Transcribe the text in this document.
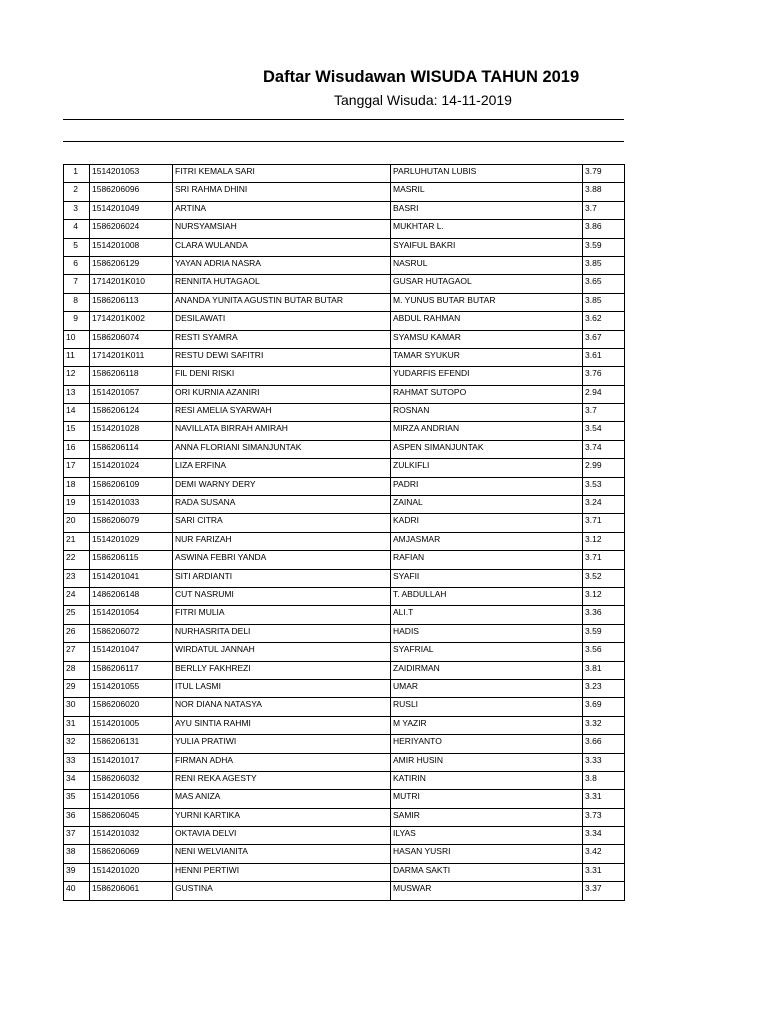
Daftar Wisudawan WISUDA TAHUN 2019
Tanggal Wisuda: 14-11-2019
1	1514201053	FITRI KEMALA SARI	PARLUHUTAN LUBIS	3.79
2	1586206096	SRI RAHMA DHINI	MASRIL	3.88
3	1514201049	ARTINA	BASRI	3.7
4	1586206024	NURSYAMSIAH	MUKHTAR L.	3.86
5	1514201008	CLARA WULANDA	SYAIFUL BAKRI	3.59
6	1586206129	YAYAN ADRIA NASRA	NASRUL	3.85
7	1714201K010	RENNITA HUTAGAOL	GUSAR HUTAGAOL	3.65
8	1586206113	ANANDA YUNITA AGUSTIN BUTAR BUTAR	M. YUNUS BUTAR BUTAR	3.85
9	1714201K002	DESILAWATI	ABDUL RAHMAN	3.62
10	1586206074	RESTI SYAMRA	SYAMSU KAMAR	3.67
11	1714201K011	RESTU DEWI SAFITRI	TAMAR SYUKUR	3.61
12	1586206118	FIL DENI RISKI	YUDARFIS EFENDI	3.76
13	1514201057	ORI KURNIA AZANIRI	RAHMAT SUTOPO	2.94
14	1586206124	RESI AMELIA SYARWAH	ROSNAN	3.7
15	1514201028	NAVILLATA BIRRAH AMIRAH	MIRZA ANDRIAN	3.54
16	1586206114	ANNA FLORIANI SIMANJUNTAK	ASPEN SIMANJUNTAK	3.74
17	1514201024	LIZA ERFINA	ZULKIFLI	2.99
18	1586206109	DEMI WARNY DERY	PADRI	3.53
19	1514201033	RADA SUSANA	ZAINAL	3.24
20	1586206079	SARI CITRA	KADRI	3.71
21	1514201029	NUR FARIZAH	AMJASMAR	3.12
22	1586206115	ASWINA FEBRI YANDA	RAFIAN	3.71
23	1514201041	SITI ARDIANTI	SYAFII	3.52
24	1486206148	CUT NASRUMI	T. ABDULLAH	3.12
25	1514201054	FITRI MULIA	ALI.T	3.36
26	1586206072	NURHASRITA DELI	HADIS	3.59
27	1514201047	WIRDATUL JANNAH	SYAFRIAL	3.56
28	1586206117	BERLLY FAKHREZI	ZAIDIRMAN	3.81
29	1514201055	ITUL LASMI	UMAR	3.23
30	1586206020	NOR DIANA NATASYA	RUSLI	3.69
31	1514201005	AYU SINTIA RAHMI	M YAZIR	3.32
32	1586206131	YULIA PRATIWI	HERIYANTO	3.66
33	1514201017	FIRMAN ADHA	AMIR HUSIN	3.33
34	1586206032	RENI REKA AGESTY	KATIRIN	3.8
35	1514201056	MAS ANIZA	MUTRI	3.31
36	1586206045	YURNI KARTIKA	SAMIR	3.73
37	1514201032	OKTAVIA DELVI	ILYAS	3.34
38	1586206069	NENI WELVIANITA	HASAN YUSRI	3.42
39	1514201020	HENNI PERTIWI	DARMA SAKTI	3.31
40	1586206061	GUSTINA	MUSWAR	3.37
